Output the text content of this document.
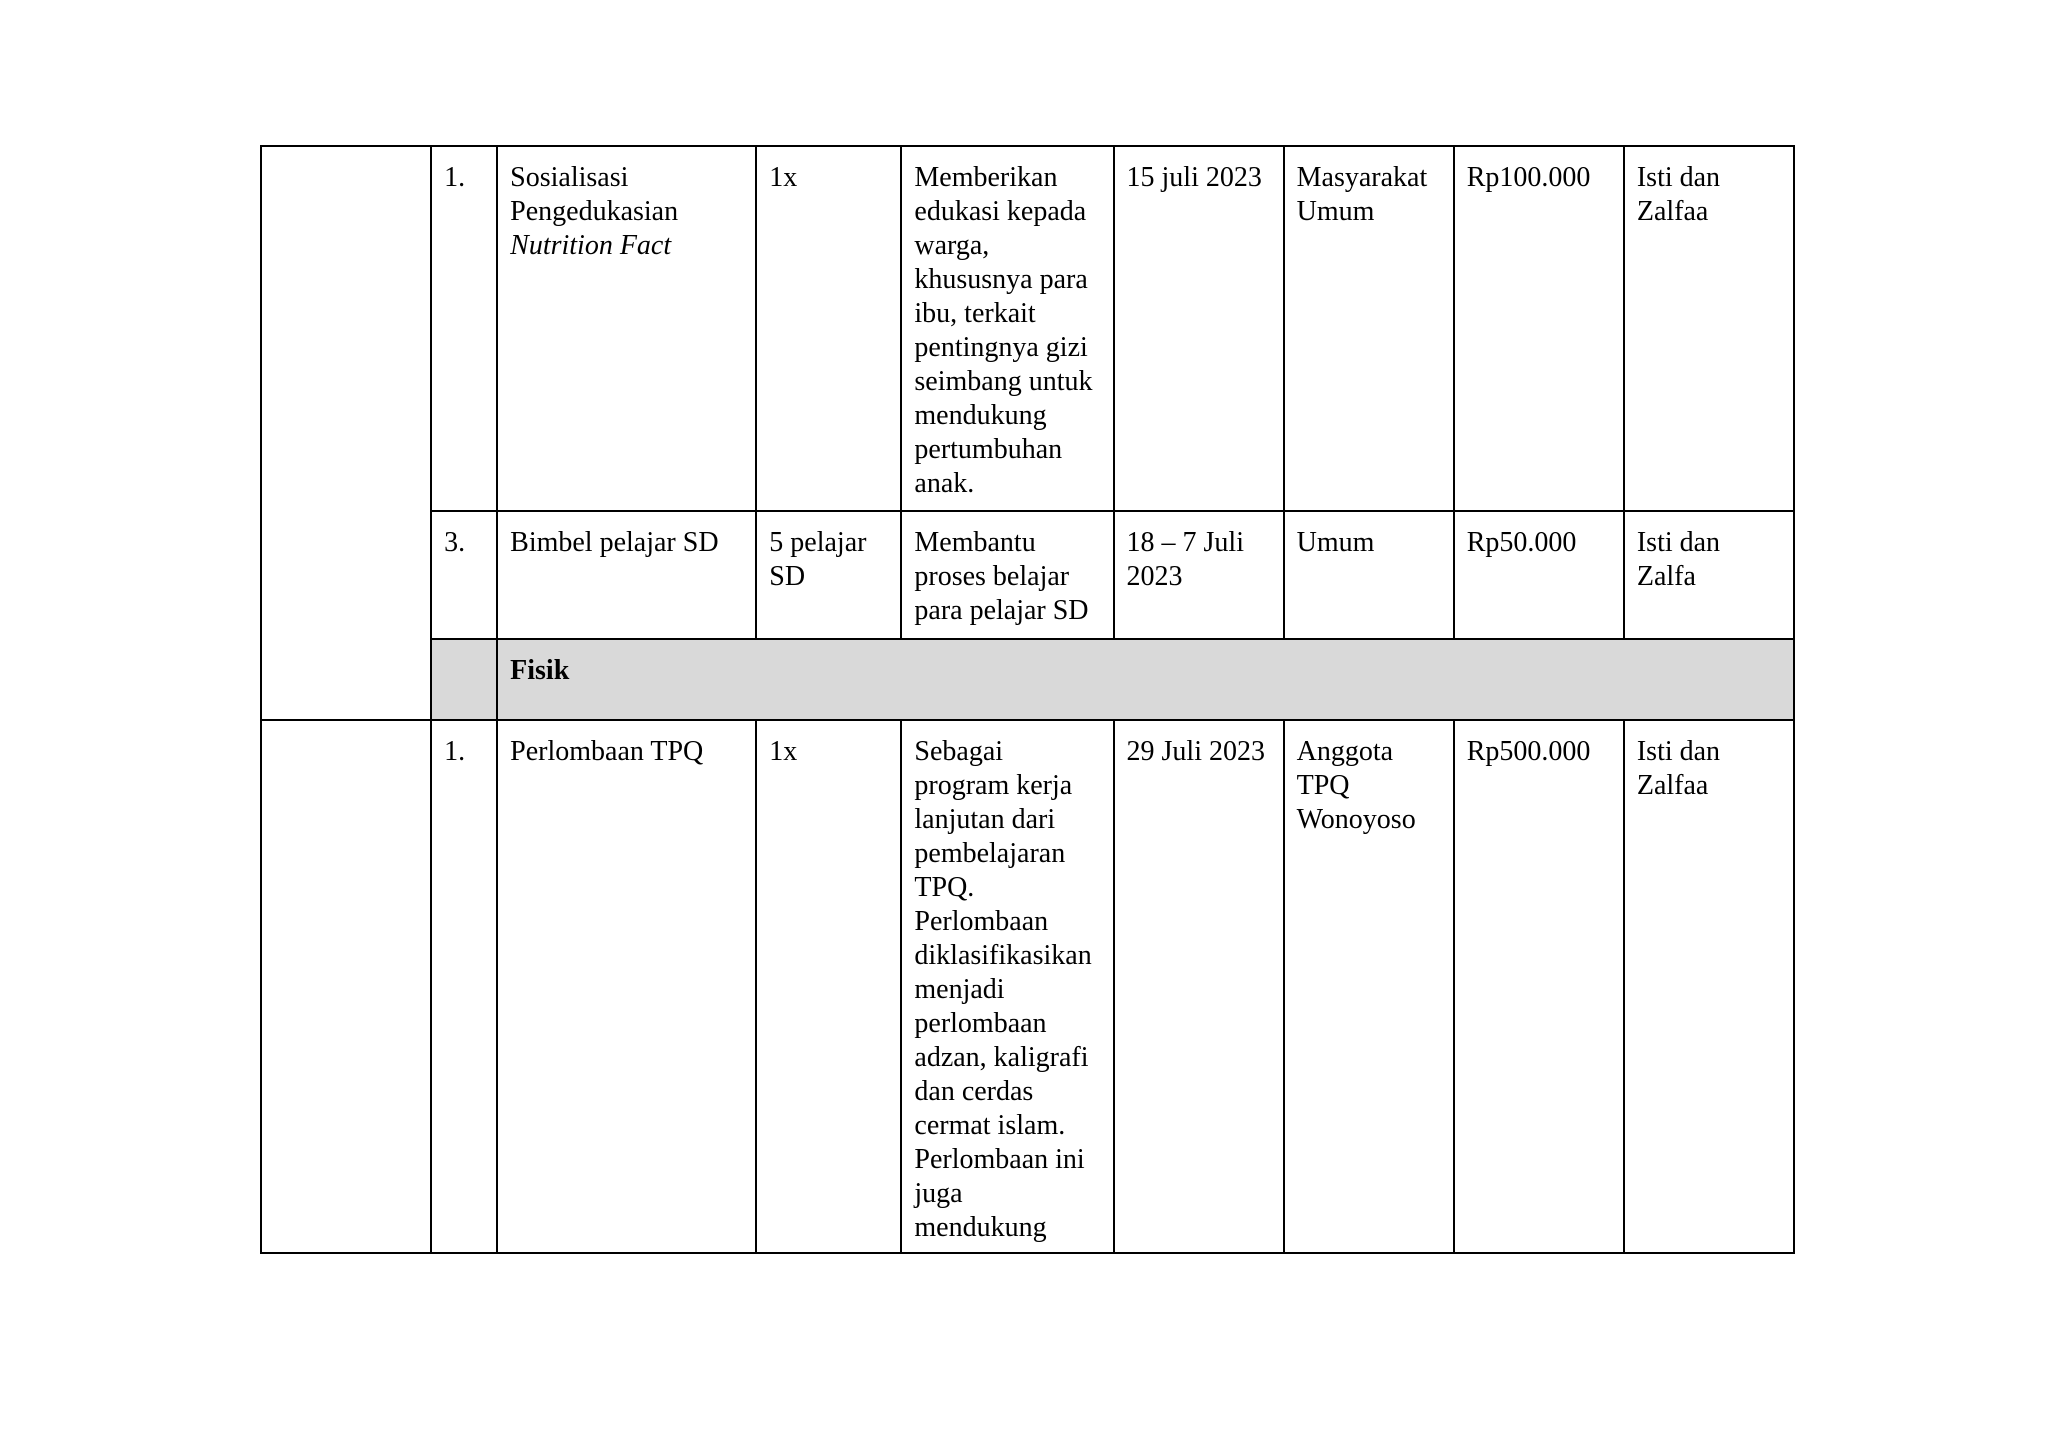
	1.	Sosialisasi
Pengedukasian
Nutrition Fact	1x	Memberikan edukasi kepada warga, khususnya para ibu, terkait pentingnya gizi seimbang untuk mendukung pertumbuhan anak.	15 juli 2023	Masyarakat Umum	Rp100.000	Isti dan Zalfaa
	3.	Bimbel pelajar SD	5 pelajar SD	Membantu proses belajar para pelajar SD	18 – 7 Juli 2023	Umum	Rp50.000	Isti dan Zalfa
		Fisik						
	1.	Perlombaan TPQ	1x	Sebagai program kerja lanjutan dari pembelajaran TPQ. Perlombaan diklasifikasikan menjadi perlombaan adzan, kaligrafi dan cerdas cermat islam. Perlombaan ini juga mendukung	29 Juli 2023	Anggota TPQ Wonoyoso	Rp500.000	Isti dan Zalfaa
